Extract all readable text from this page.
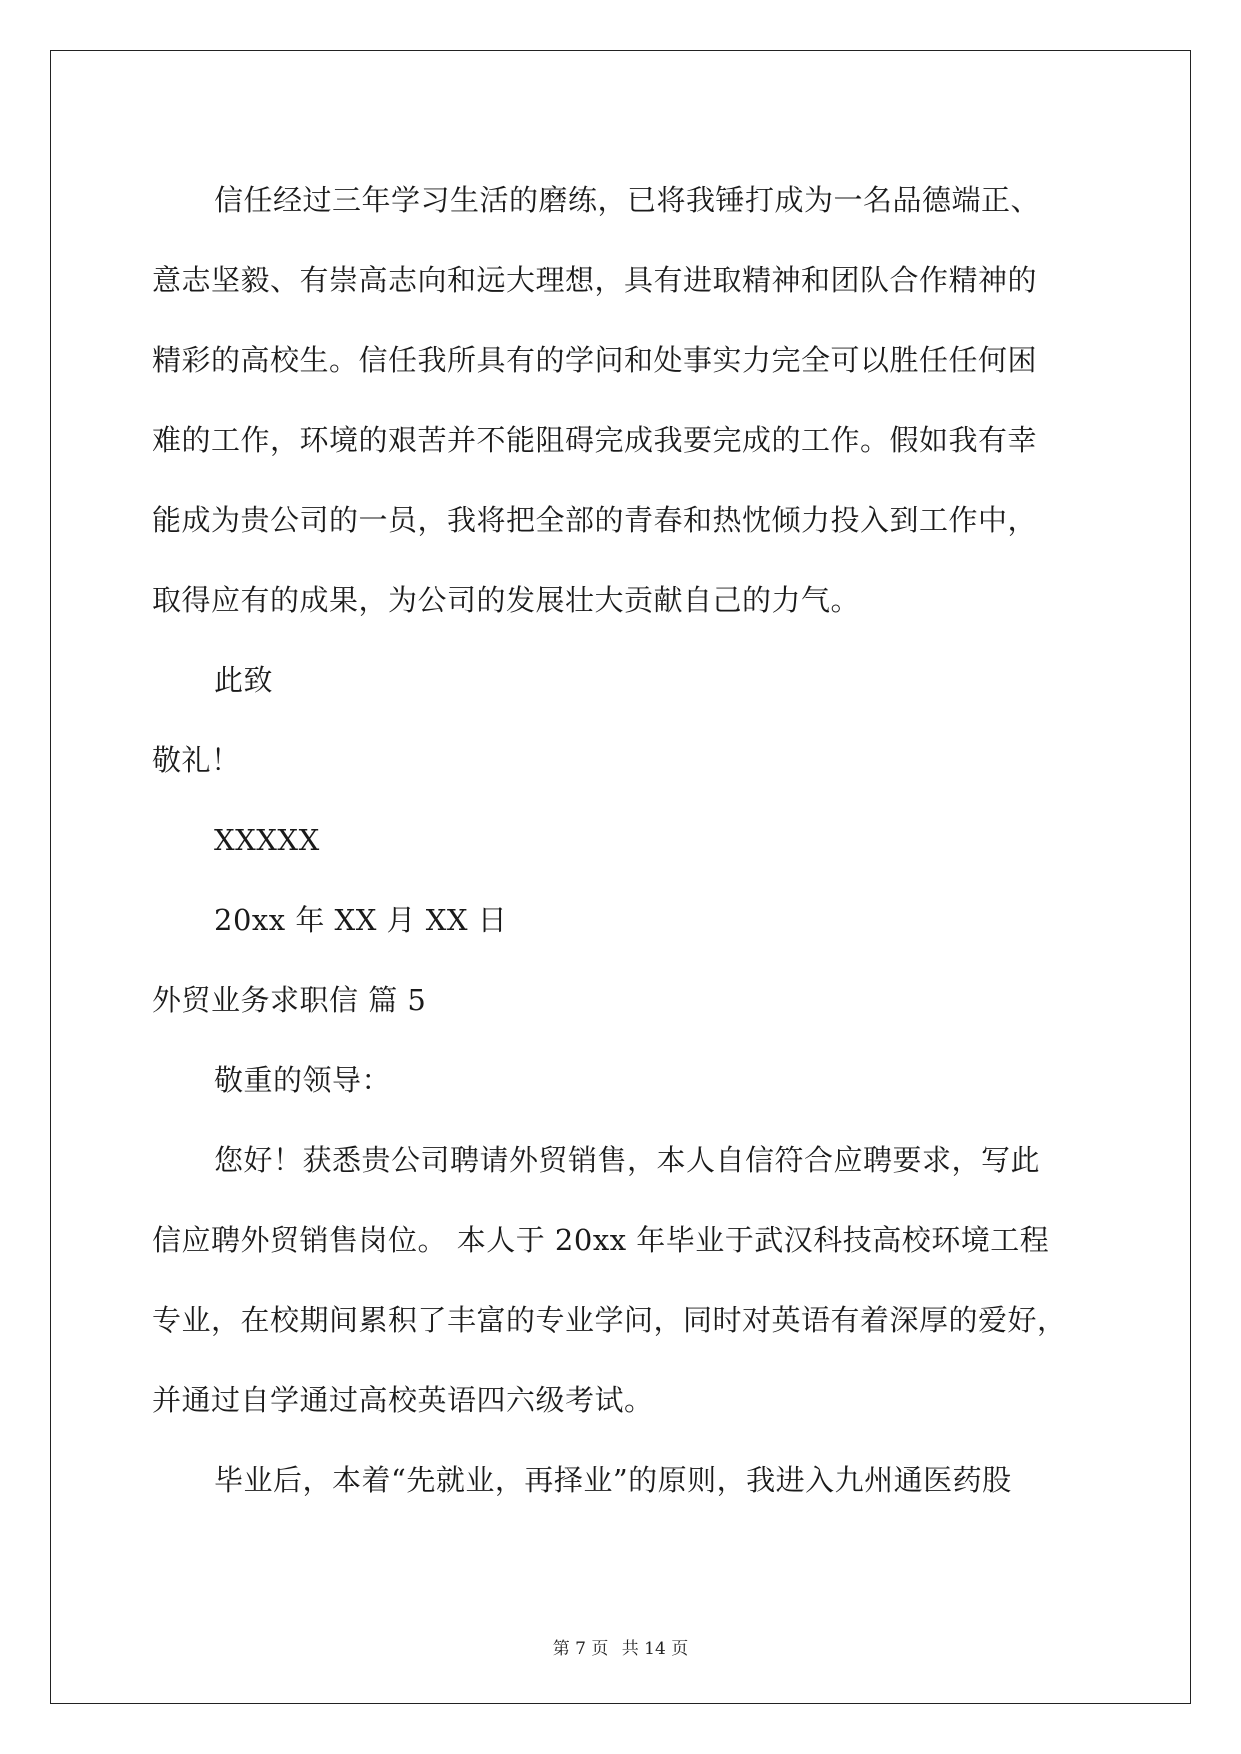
信任经过三年学习生活的磨练，已将我锤打成为一名品德端正、
意志坚毅、有崇高志向和远大理想，具有进取精神和团队合作精神的
精彩的高校生。信任我所具有的学问和处事实力完全可以胜任任何困
难的工作，环境的艰苦并不能阻碍完成我要完成的工作。假如我有幸
能成为贵公司的一员，我将把全部的青春和热忱倾力投入到工作中，
取得应有的成果，为公司的发展壮大贡献自己的力气。
此致
敬礼！
XXXXX
20xx 年 XX 月 XX 日
外贸业务求职信 篇 5
敬重的领导：
您好！获悉贵公司聘请外贸销售，本人自信符合应聘要求，写此
信应聘外贸销售岗位。 本人于 20xx 年毕业于武汉科技高校环境工程
专业，在校期间累积了丰富的专业学问，同时对英语有着深厚的爱好，
并通过自学通过高校英语四六级考试。
毕业后，本着“先就业，再择业”的原则，我进入九州通医药股
第 7 页 共 14 页
